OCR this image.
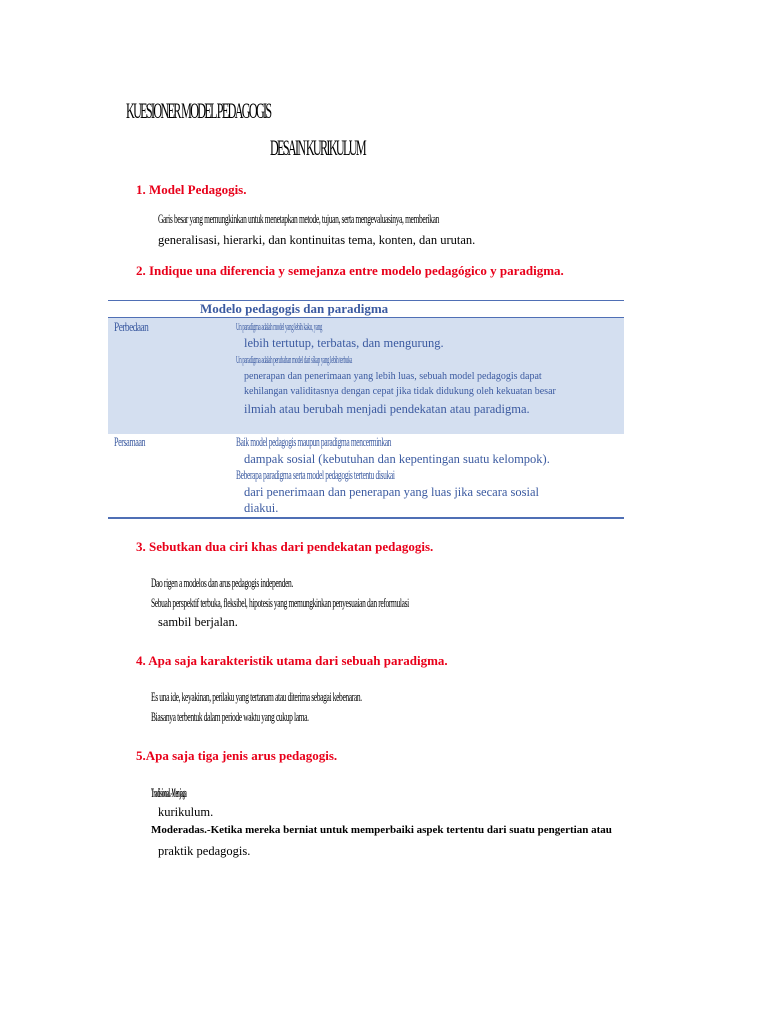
KUESIONER MODEL PEDAGOGIS
DESAIN KURIKULUM
1. Model Pedagogis.
Garis besar yang memungkinkan untuk menetapkan metode, tujuan, serta mengevaluasinya, memberikan
generalisasi, hierarki, dan kontinuitas tema, konten, dan urutan.
2. Indique una diferencia y semejanza entre modelo pedagógico y paradigma.
Modelo pedagogis dan paradigma
Perbedaan	Un paradigma adalah model yang lebih kaku, yang
lebih tertutup, terbatas, dan mengurung.
Un paradigma adalah perubahan model dari sikap yang lebih terbuka
penerapan dan penerimaan yang lebih luas, sebuah model pedagogis dapat
kehilangan validitasnya dengan cepat jika tidak didukung oleh kekuatan besar
ilmiah atau berubah menjadi pendekatan atau paradigma.
Persamaan	Baik model pedagogis maupun paradigma mencerminkan
dampak sosial (kebutuhan dan kepentingan suatu kelompok).
Beberapa paradigma serta model pedagogis tertentu disukai
dari penerimaan dan penerapan yang luas jika secara sosial
diakui.
3. Sebutkan dua ciri khas dari pendekatan pedagogis.
Dao rigen a modelos dan arus pedagogis independen.
Sebuah perspektif terbuka, fleksibel, hipotesis yang memungkinkan penyesuaian dan reformulasi
sambil berjalan.
4. Apa saja karakteristik utama dari sebuah paradigma.
Es una ide, keyakinan, perilaku yang tertanam atau diterima sebagai kebenaran.
Biasanya terbentuk dalam periode waktu yang cukup lama.
5.Apa saja tiga jenis arus pedagogis.
Tradisional.-Menjaga
kurikulum.
Moderadas.-Ketika mereka berniat untuk memperbaiki aspek tertentu dari suatu pengertian atau
praktik pedagogis.
